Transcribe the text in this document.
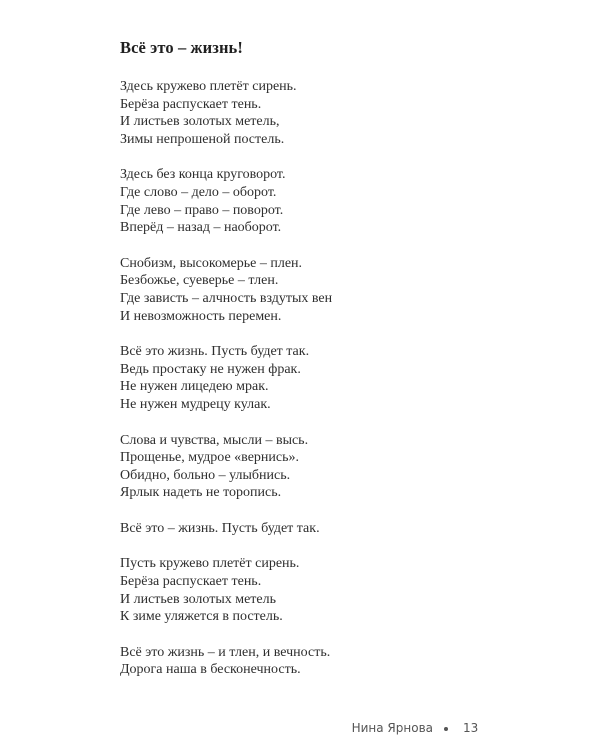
Всё это – жизнь!
Здесь кружево плетёт сирень.
Берёза распускает тень.
И листьев золотых метель,
Зимы непрошеной постель.
Здесь без конца круговорот.
Где слово – дело – оборот.
Где лево – право – поворот.
Вперёд – назад – наоборот.
Снобизм, высокомерье – плен.
Безбожье, суеверье – тлен.
Где зависть – алчность вздутых вен
И невозможность перемен.
Всё это жизнь. Пусть будет так.
Ведь простаку не нужен фрак.
Не нужен лицедею мрак.
Не нужен мудрецу кулак.
Слова и чувства, мысли – высь.
Прощенье, мудрое «вернись».
Обидно, больно – улыбнись.
Ярлык надеть не торопись.
Всё это – жизнь. Пусть будет так.
Пусть кружево плетёт сирень.
Берёза распускает тень.
И листьев золотых метель
К зиме уляжется в постель.
Всё это жизнь – и тлен, и вечность.
Дорога наша в бесконечность.
Нина Ярнова	13
